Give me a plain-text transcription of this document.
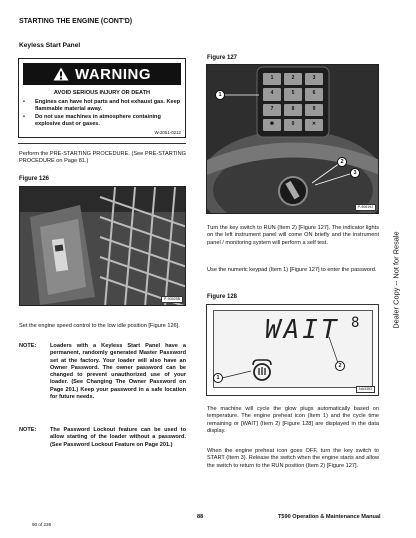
STARTING THE ENGINE (CONT'D)
Keyless Start Panel
WARNING
AVOID SERIOUS INJURY OR DEATH
• Engines can have hot parts and hot exhaust gas. Keep flammable material away.
• Do not use machines in atmosphere containing explosive dust or gases.
W-2051-0212
Perform the PRE-STARTING PROCEDURE. (See PRE-STARTING PROCEDURE on Page 81.)
Figure 126
P-90525B
Set the engine speed control to the low idle position [Figure 126].
NOTE: Loaders with a Keyless Start Panel have a permanent, randomly generated Master Password set at the factory. Your loader will also have an Owner Password. The owner password can be changed to prevent unauthorized use of your loader. (See Changing The Owner Password on Page 201.) Keep your password in a safe location for future needs.
NOTE: The Password Lockout feature can be used to allow starting of the loader without a password. (See Password Lockout Feature on Page 201.)
Figure 127
1	2	3
4	5	6
7	8	9
✱	0	✕
1
2
3
P-90619J
Turn the key switch to RUN (Item 2) [Figure 127]. The indicator lights on the left instrument panel will come ON briefly and the instrument panel / monitoring system will perform a self test.
Use the numeric keypad (Item 1) [Figure 127] to enter the password.
Figure 128
WAIT 8
1
2
NA3353
The machine will cycle the glow plugs automatically based on temperature. The engine preheat icon (Item 1) and the cycle time remaining or [WAIT] (Item 2) [Figure 128] are displayed in the data display.
When the engine preheat icon goes OFF, turn the key switch to START (Item 3). Release the switch when the engine starts and allow the switch to return to the RUN position (Item 2) [Figure 127].
Dealer Copy -- Not for Resale
88	T590 Operation & Maintenance Manual
90 of 236
